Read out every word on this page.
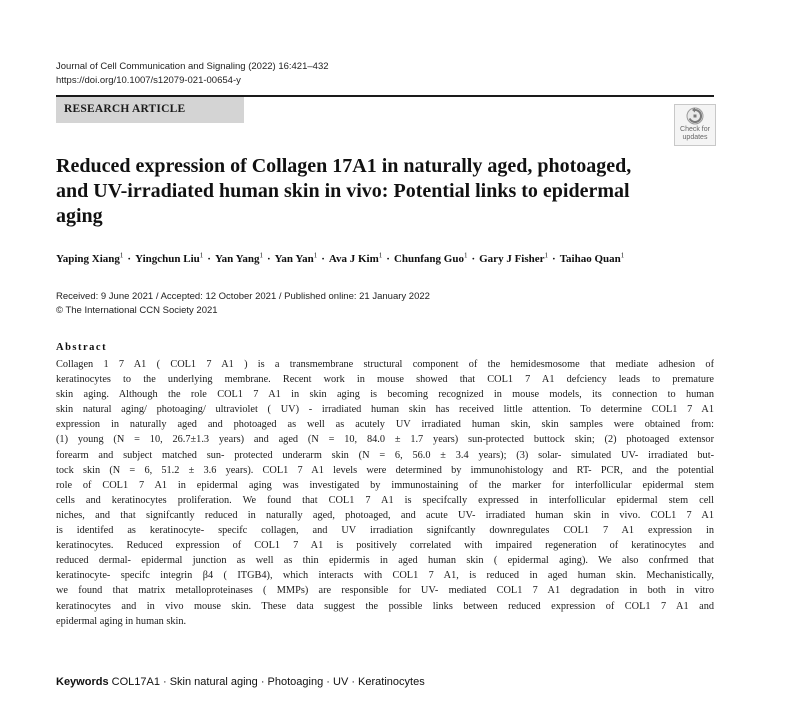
Journal of Cell Communication and Signaling (2022) 16:421–432
https://doi.org/10.1007/s12079-021-00654-y
RESEARCH ARTICLE
Check for
updates
Reduced expression of Collagen 17A1 in naturally aged, photoaged,
and UV-irradiated human skin in vivo: Potential links to epidermal
aging
Yaping Xiang$^1$ · Yingchun Liu$^1$ · Yan Yang$^1$ · Yan Yan$^1$ · Ava J Kim$^1$ · Chunfang Guo$^1$ · Gary J Fisher$^1$ · Taihao Quan$^1$
Received: 9 June 2021 / Accepted: 12 October 2021 / Published online: 21 January 2022
© The International CCN Society 2021
Abstract
Collagen 1 7 A1 ( COL1 7 A1 ) is a transmembrane structural component of the hemidesmosome that mediate adhesion of
keratinocytes to the underlying membrane. Recent work in mouse showed that COL1 7 A1 defciency leads to premature
skin aging. Although the role COL1 7 A1 in skin aging is becoming recognized in mouse models, its connection to human
skin natural aging/ photoaging/ ultraviolet ( UV) - irradiated human skin has received little attention. To determine COL1 7 A1
expression in naturally aged and photoaged as well as acutely UV irradiated human skin, skin samples were obtained from:
(1) young (N = 10, 26.7±1.3 years) and aged (N = 10, 84.0 ± 1.7 years) sun-protected buttock skin; (2) photoaged extensor
forearm and subject matched sun- protected underarm skin (N = 6, 56.0 ± 3.4 years); (3) solar- simulated UV- irradiated but-
tock skin (N = 6, 51.2 ± 3.6 years). COL1 7 A1 levels were determined by immunohistology and RT- PCR, and the potential
role of COL1 7 A1 in epidermal aging was investigated by immunostaining of the marker for interfollicular epidermal stem
cells and keratinocytes proliferation. We found that COL1 7 A1 is specifcally expressed in interfollicular epidermal stem cell
niches, and that signifcantly reduced in naturally aged, photoaged, and acute UV- irradiated human skin in vivo. COL1 7 A1
is identifed as keratinocyte- specifc collagen, and UV irradiation signifcantly downregulates COL1 7 A1 expression in
keratinocytes. Reduced expression of COL1 7 A1 is positively correlated with impaired regeneration of keratinocytes and
reduced dermal- epidermal junction as well as thin epidermis in aged human skin ( epidermal aging). We also confrmed that
keratinocyte- specifc integrin β4 ( ITGB4), which interacts with COL1 7 A1, is reduced in aged human skin. Mechanistically,
we found that matrix metalloproteinases ( MMPs) are responsible for UV- mediated COL1 7 A1 degradation in both in vitro
keratinocytes and in vivo mouse skin. These data suggest the possible links between reduced expression of COL1 7 A1 and
epidermal aging in human skin.
Keywords COL17A1 · Skin natural aging · Photoaging · UV · Keratinocytes
